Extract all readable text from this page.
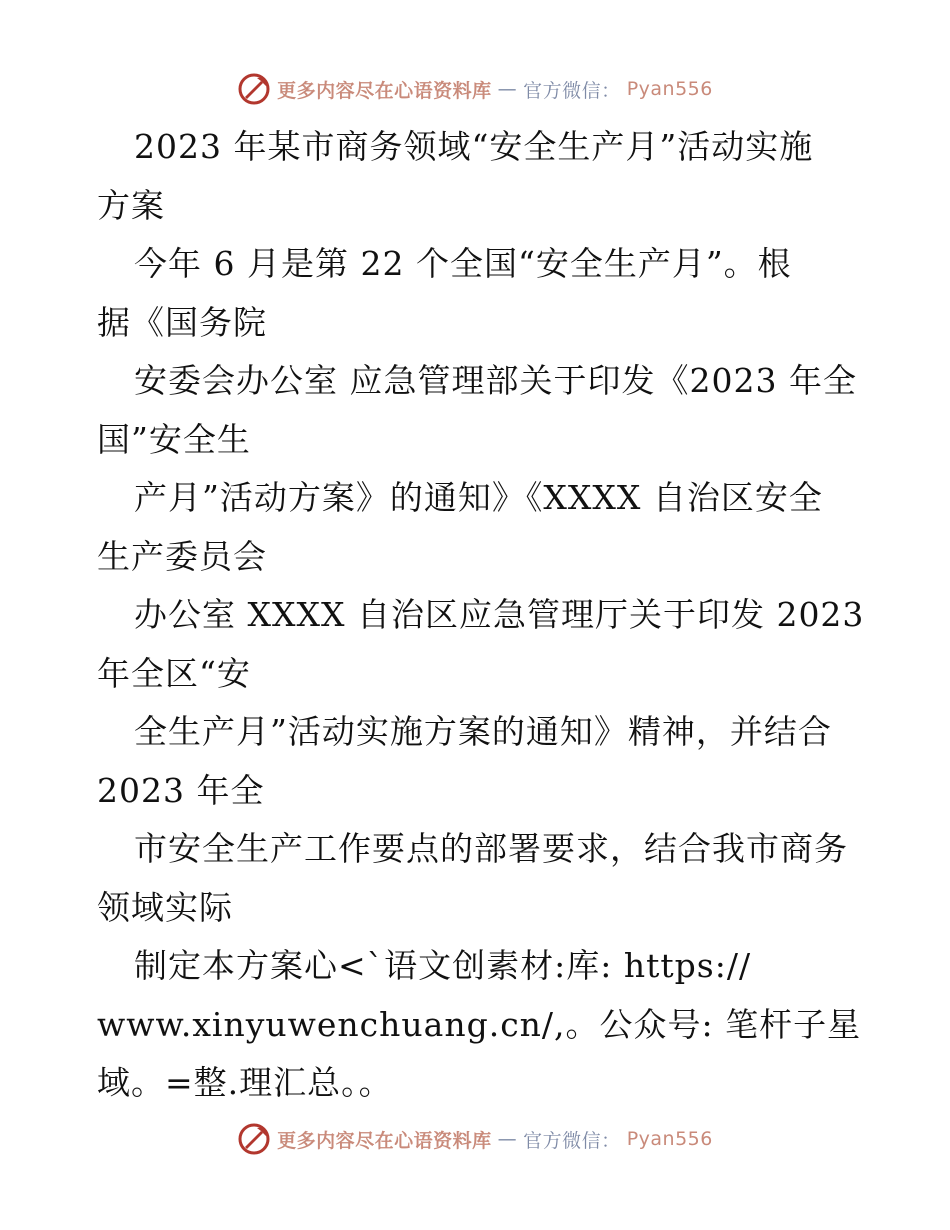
更多内容尽在心语资料库 — 官方微信： Pyan556
2023 年某市商务领域“安全生产月”活动实施
方案
今年 6 月是第 22 个全国“安全生产月”。根
据《国务院
安委会办公室 应急管理部关于印发《2023 年全
国”安全生
产月”活动方案》的通知》《XXXX 自治区安全
生产委员会
办公室 XXXX 自治区应急管理厅关于印发 2023
年全区“安
全生产月”活动实施方案的通知》精神，并结合
2023 年全
市安全生产工作要点的部署要求，结合我市商务
领域实际
制定本方案心<`语文创素材:库: https://
www.xinyuwenchuang.cn/,。公众号: 笔杆子星
域。=整.理汇总。。
更多内容尽在心语资料库 — 官方微信： Pyan556
